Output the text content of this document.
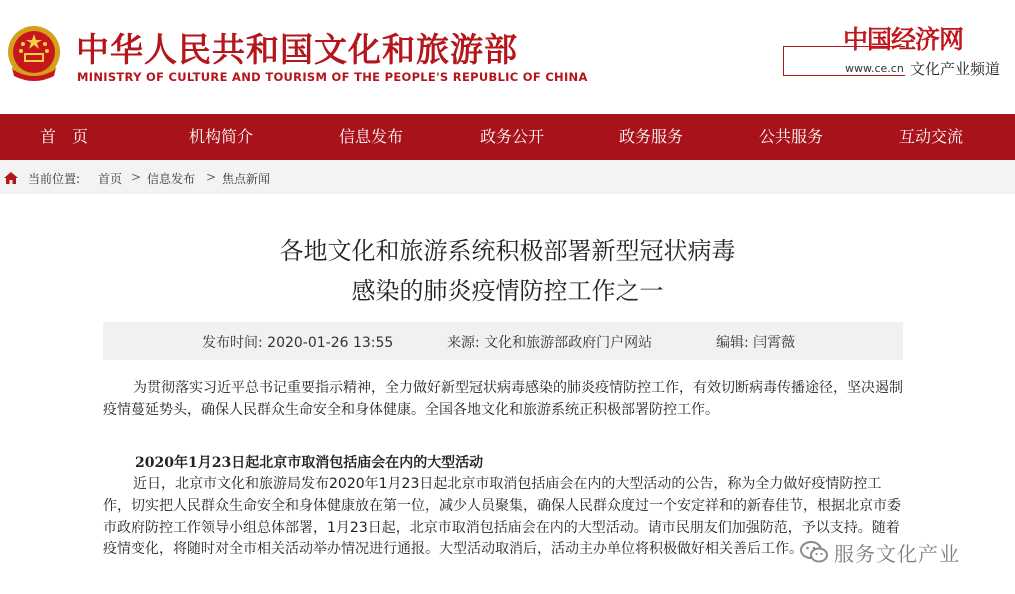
中华人民共和国文化和旅游部
MINISTRY OF CULTURE AND TOURISM OF THE PEOPLE'S REPUBLIC OF CHINA
中国经济网
www.ce.cn 文化产业频道
首　页	机构简介	信息发布	政务公开	政务服务	公共服务	互动交流
当前位置: 首页 > 信息发布 > 焦点新闻
各地文化和旅游系统积极部署新型冠状病毒
感染的肺炎疫情防控工作之一
发布时间: 2020-01-26 13:55	来源: 文化和旅游部政府门户网站	编辑: 闫霄薇

为贯彻落实习近平总书记重要指示精神，全力做好新型冠状病毒感染的肺炎疫情防控工作，有效切断病毒传播途径，坚决遏制疫情蔓延势头，确保人民群众生命安全和身体健康。全国各地文化和旅游系统正积极部署防控工作。

2020年1月23日起北京市取消包括庙会在内的大型活动

近日，北京市文化和旅游局发布2020年1月23日起北京市取消包括庙会在内的大型活动的公告，称为全力做好疫情防控工作，切实把人民群众生命安全和身体健康放在第一位，减少人员聚集，确保人民群众度过一个安定祥和的新春佳节，根据北京市委市政府防控工作领导小组总体部署，1月23日起，北京市取消包括庙会在内的大型活动。请市民朋友们加强防范，予以支持。随着疫情变化，将随时对全市相关活动举办情况进行通报。大型活动取消后，活动主办单位将积极做好相关善后工作。	服务文化产业
